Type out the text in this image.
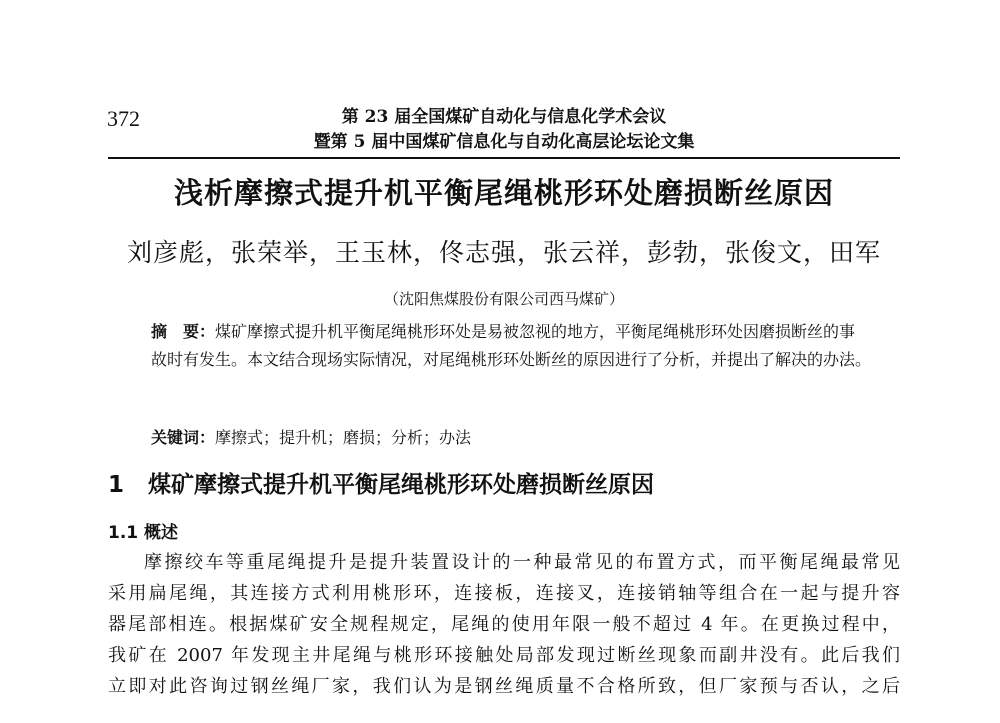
372	第 23 届全国煤矿自动化与信息化学术会议
暨第 5 届中国煤矿信息化与自动化高层论坛论文集
浅析摩擦式提升机平衡尾绳桃形环处磨损断丝原因
刘彦彪，张荣举，王玉林，佟志强，张云祥，彭勃，张俊文，田军
（沈阳焦煤股份有限公司西马煤矿）
摘　要：煤矿摩擦式提升机平衡尾绳桃形环处是易被忽视的地方，平衡尾绳桃形环处因磨损断丝的事故时有发生。本文结合现场实际情况，对尾绳桃形环处断丝的原因进行了分析，并提出了解决的办法。
关键词：摩擦式；提升机；磨损；分析；办法
1 煤矿摩擦式提升机平衡尾绳桃形环处磨损断丝原因
1.1 概述
摩擦绞车等重尾绳提升是提升装置设计的一种最常见的布置方式，而平衡尾绳最常见
采用扁尾绳，其连接方式利用桃形环，连接板，连接叉，连接销轴等组合在一起与提升容
器尾部相连。根据煤矿安全规程规定，尾绳的使用年限一般不超过 4 年。在更换过程中，
我矿在 2007 年发现主井尾绳与桃形环接触处局部发现过断丝现象而副井没有。此后我们
立即对此咨询过钢丝绳厂家，我们认为是钢丝绳质量不合格所致，但厂家预与否认，之后
